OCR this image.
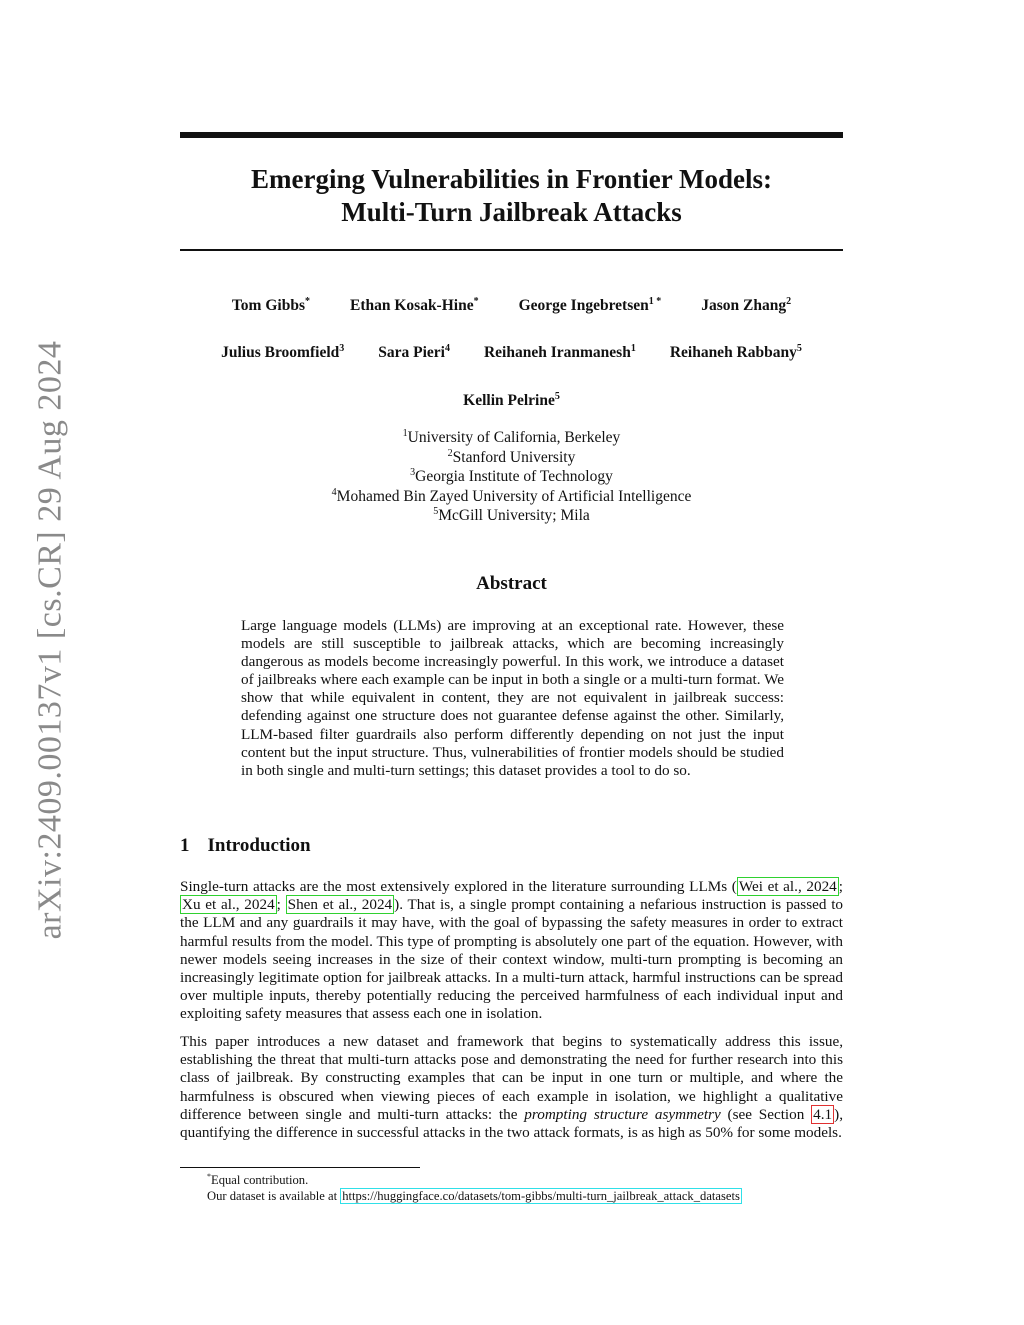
arXiv:2409.00137v1 [cs.CR] 29 Aug 2024
Emerging Vulnerabilities in Frontier Models:
Multi-Turn Jailbreak Attacks
Tom Gibbs*	Ethan Kosak-Hine*	George Ingebretsen$^{1 *}$	Jason Zhang$^2$
Julius Broomfield$^3$ Sara Pieri$^4$ Reihaneh Iranmanesh$^1$ Reihaneh Rabbany$^5$
Kellin Pelrine$^5$
$^1$University of California, Berkeley
$^2$Stanford University
$^3$Georgia Institute of Technology
$^4$Mohamed Bin Zayed University of Artificial Intelligence
$^5$McGill University; Mila
Abstract
Large language models (LLMs) are improving at an exceptional rate. However, these models are still susceptible to jailbreak attacks, which are becoming increasingly dangerous as models become increasingly powerful. In this work, we introduce a dataset of jailbreaks where each example can be input in both a single or a multi-turn format. We show that while equivalent in content, they are not equivalent in jailbreak success: defending against one structure does not guarantee defense against the other. Similarly, LLM-based filter guardrails also perform differently depending on not just the input content but the input structure. Thus, vulnerabilities of frontier models should be studied in both single and multi-turn settings; this dataset provides a tool to do so.
1 Introduction
Single-turn attacks are the most extensively explored in the literature surrounding LLMs ( Wei et al., 2024 ; Xu et al., 2024 ; Shen et al., 2024 ). That is, a single prompt containing a nefarious instruction is passed to the LLM and any guardrails it may have, with the goal of bypassing the safety measures in order to extract harmful results from the model. This type of prompting is absolutely one part of the equation. However, with newer models seeing increases in the size of their context window, multi-turn prompting is becoming an increasingly legitimate option for jailbreak attacks. In a multi-turn attack, harmful instructions can be spread over multiple inputs, thereby potentially reducing the perceived harmfulness of each individual input and exploiting safety measures that assess each one in isolation.
This paper introduces a new dataset and framework that begins to systematically address this issue, establishing the threat that multi-turn attacks pose and demonstrating the need for further research into this class of jailbreak. By constructing examples that can be input in one turn or multiple, and where the harmfulness is obscured when viewing pieces of each example in isolation, we highlight a qualitative difference between single and multi-turn attacks: the prompting structure asymmetry (see Section 4.1 ), quantifying the difference in successful attacks in the two attack formats, is as high as 50% for some models.
*Equal contribution.
Our dataset is available at https://huggingface.co/datasets/tom-gibbs/multi-turn_jailbreak_attack_datasets
